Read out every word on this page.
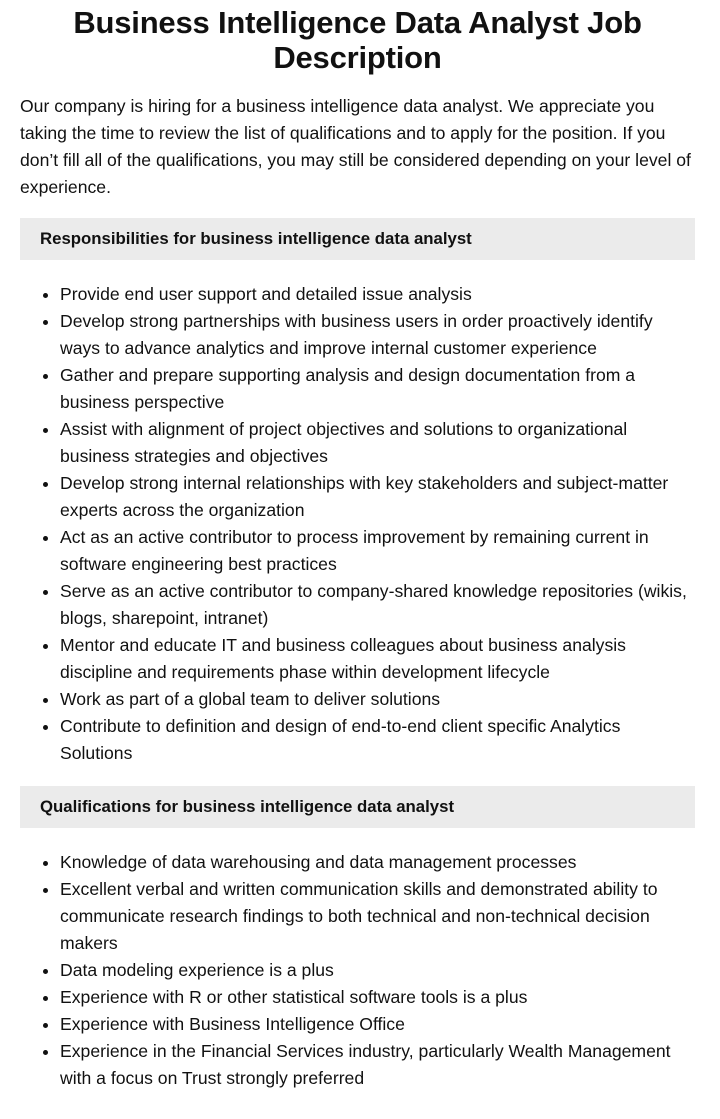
Business Intelligence Data Analyst Job Description

Our company is hiring for a business intelligence data analyst. We appreciate you taking the time to review the list of qualifications and to apply for the position. If you don’t fill all of the qualifications, you may still be considered depending on your level of experience.

Responsibilities for business intelligence data analyst
• Provide end user support and detailed issue analysis
• Develop strong partnerships with business users in order proactively identify ways to advance analytics and improve internal customer experience
• Gather and prepare supporting analysis and design documentation from a business perspective
• Assist with alignment of project objectives and solutions to organizational business strategies and objectives
• Develop strong internal relationships with key stakeholders and subject-matter experts across the organization
• Act as an active contributor to process improvement by remaining current in software engineering best practices
• Serve as an active contributor to company-shared knowledge repositories (wikis, blogs, sharepoint, intranet)
• Mentor and educate IT and business colleagues about business analysis discipline and requirements phase within development lifecycle
• Work as part of a global team to deliver solutions
• Contribute to definition and design of end-to-end client specific Analytics Solutions
Qualifications for business intelligence data analyst
• Knowledge of data warehousing and data management processes
• Excellent verbal and written communication skills and demonstrated ability to communicate research findings to both technical and non-technical decision makers
• Data modeling experience is a plus
• Experience with R or other statistical software tools is a plus
• Experience with Business Intelligence Office
• Experience in the Financial Services industry, particularly Wealth Management with a focus on Trust strongly preferred
